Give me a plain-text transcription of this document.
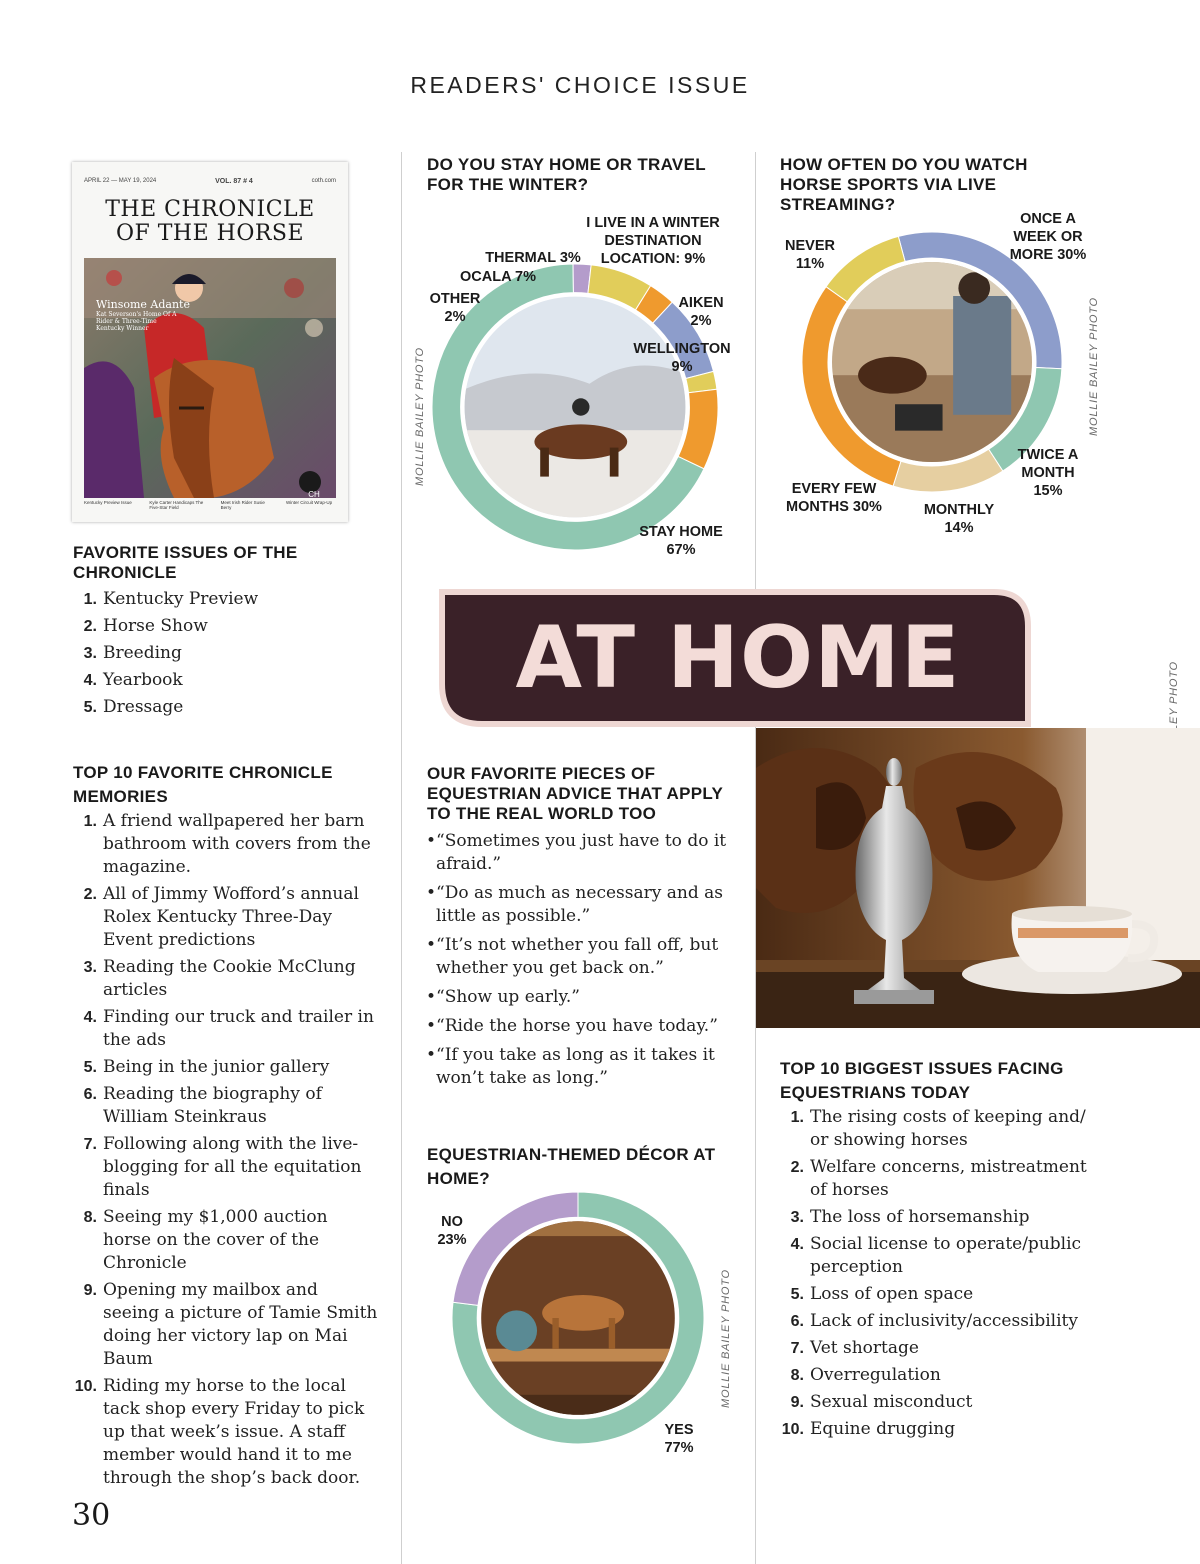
READERS' CHOICE ISSUE
APRIL 22 — MAY 19, 2024	VOL. 87 # 4	coth.com
THE CHRONICLE
OF THE HORSE
Winsome Adante
Kat Severson's Home Of A
Rider & Three-Time
Kentucky Winner
CH
Kentucky Preview Issue	Kyle Carter Handicaps The Five-Star Field
Meet Irish Rider Susie Berry
Winter Circuit Wrap-Up
FAVORITE ISSUES OF THE CHRONICLE
1. Kentucky Preview
2. Horse Show
3. Breeding
4. Yearbook
5. Dressage
TOP 10 FAVORITE CHRONICLE MEMORIES
1. A friend wallpapered her barn bathroom with covers from the magazine.
2. All of Jimmy Wofford’s annual Rolex Kentucky Three-Day Event predictions
3. Reading the Cookie McClung articles
4. Finding our truck and trailer in the ads
5. Being in the junior gallery
6. Reading the biography of William Steinkraus
7. Following along with the live-blogging for all the equitation finals
8. Seeing my $1,000 auction horse on the cover of the Chronicle
9. Opening my mailbox and seeing a picture of Tamie Smith doing her victory lap on Mai Baum
10. Riding my horse to the local tack shop every Friday to pick up that week’s issue. A staff member would hand it to me through the shop’s back door.
30
DO YOU STAY HOME OR TRAVEL FOR THE WINTER?
I LIVE IN A WINTER DESTINATION LOCATION: 9%
THERMAL 3%
OCALA 7%
OTHER 2%
AIKEN 2%
WELLINGTON
9%
STAY HOME 67%
MOLLIE BAILEY PHOTO
HOW OFTEN DO YOU WATCH HORSE SPORTS VIA LIVE STREAMING?
NEVER 11%
ONCE A WEEK OR MORE 30%
TWICE A MONTH 15%
MONTHLY 14%
EVERY FEW MONTHS 30%
MOLLIE BAILEY PHOTO
AT HOME
OUR FAVORITE PIECES OF EQUESTRIAN ADVICE THAT APPLY TO THE REAL WORLD TOO
• “Sometimes you just have to do it afraid.”
• “Do as much as necessary and as little as possible.”
• “It’s not whether you fall off, but whether you get back on.”
• “Show up early.”
• “Ride the horse you have today.”
• “If you take as long as it takes it won’t take as long.”
EQUESTRIAN-THEMED DÉCOR AT HOME?
NO 23%
YES 77%
MOLLIE BAILEY PHOTO
TOP 10 BIGGEST ISSUES FACING EQUESTRIANS TODAY
1. The rising costs of keeping and/ or showing horses
2. Welfare concerns, mistreatment of horses
3. The loss of horsemanship
4. Social license to operate/public perception
5. Loss of open space
6. Lack of inclusivity/accessibility
7. Vet shortage
8. Overregulation
9. Sexual misconduct
10. Equine drugging
